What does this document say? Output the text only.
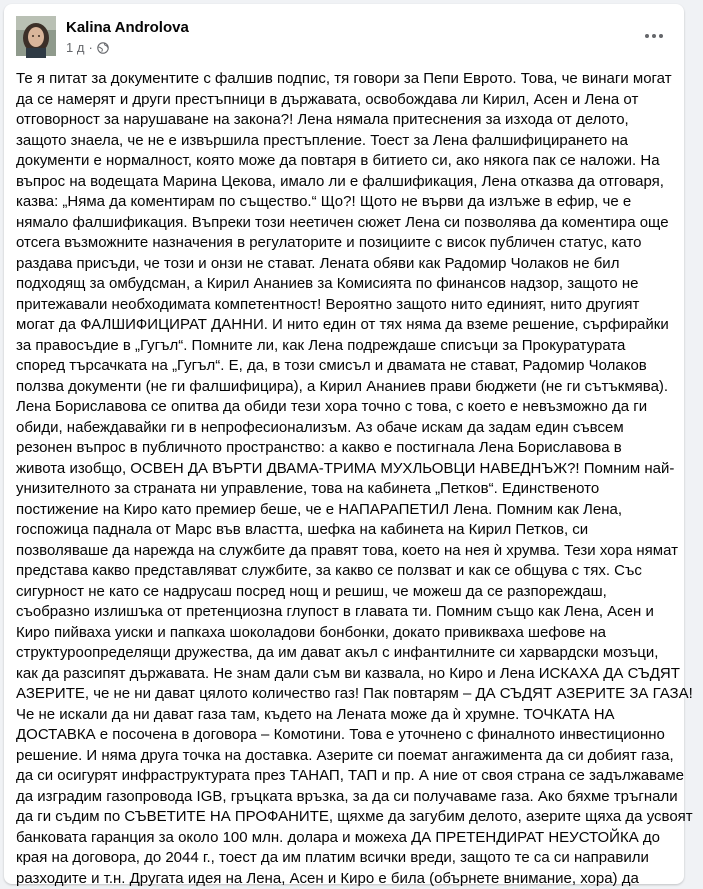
Kalina Androlova
1 д ·
Те я питат за документите с фалшив подпис, тя говори за Пепи Еврото. Това, че винаги могат
да се намерят и други престъпници в държавата, освобождава ли Кирил, Асен и Лена от
отговорност за нарушаване на закона?! Лена нямала притеснения за изхода от делото,
защото знаела, че не е извършила престъпление. Тоест за Лена фалшифицирането на
документи е нормалност, която може да повтаря в битието си, ако някога пак се наложи. На
въпрос на водещата Марина Цекова, имало ли е фалшификация, Лена отказва да отговаря,
казва: „Няма да коментирам по същество.“ Що?! Щото не върви да излъже в ефир, че е
нямало фалшификация. Въпреки този неетичен сюжет Лена си позволява да коментира още
отсега възможните назначения в регулаторите и позициите с висок публичен статус, като
раздава присъди, че този и онзи не стават. Лената обяви как Радомир Чолаков не бил
подходящ за омбудсман, а Кирил Ананиев за Комисията по финансов надзор, защото не
притежавали необходимата компетентност! Вероятно защото нито единият, нито другият
могат да ФАЛШИФИЦИРАТ ДАННИ. И нито един от тях няма да вземе решение, сърфирайки
за правосъдие в „Гугъл“. Помните ли, как Лена подреждаше списъци за Прокуратурата
според търсачката на „Гугъл“. Е, да, в този смисъл и двамата не стават, Радомир Чолаков
ползва документи (не ги фалшифицира), а Кирил Ананиев прави бюджети (не ги сътъкмява).
Лена Бориславова се опитва да обиди тези хора точно с това, с което е невъзможно да ги
обиди, набеждавайки ги в непрофесионализъм. Аз обаче искам да задам един съвсем
резонен въпрос в публичното пространство: а какво е постигнала Лена Бориславова в
живота изобщо, ОСВЕН ДА ВЪРТИ ДВАМА-ТРИМА МУХЛЬОВЦИ НАВЕДНЪЖ?! Помним най-
унизителното за страната ни управление, това на кабинета „Петков“. Единственото
постижение на Киро като премиер беше, че е НАПАРАПЕТИЛ Лена. Помним как Лена,
госпожица паднала от Марс във властта, шефка на кабинета на Кирил Петков, си
позволяваше да нарежда на службите да правят това, което на нея ѝ хрумва. Тези хора нямат
представа какво представляват службите, за какво се ползват и как се общува с тях. Със
сигурност не като се надрусаш посред нощ и решиш, че можеш да се разпореждаш,
съобразно излишъка от претенциозна глупост в главата ти. Помним също как Лена, Асен и
Киро пийваха уиски и папкаха шоколадови бонбонки, докато привикваха шефове на
структуроопределящи дружества, да им дават акъл с инфантилните си харвардски мозъци,
как да разсипят държавата. Не знам дали съм ви казвала, но Киро и Лена ИСКАХА ДА СЪДЯТ
АЗЕРИТЕ, че не ни дават цялото количество газ! Пак повтарям – ДА СЪДЯТ АЗЕРИТЕ ЗА ГАЗА!
Че не искали да ни дават газа там, където на Лената може да ѝ хрумне. ТОЧКАТА НА
ДОСТАВКА е посочена в договора – Комотини. Това е уточнено с финалното инвестиционно
решение. И няма друга точка на доставка. Азерите си поемат ангажимента да си добият газа,
да си осигурят инфраструктурата през ТАНАП, ТАП и пр. А ние от своя страна се задължаваме
да изградим газопровода IGB, гръцката връзка, за да си получаваме газа. Ако бяхме тръгнали
да ги съдим по СЪВЕТИТЕ НА ПРОФАНИТЕ, щяхме да загубим делото, азерите щяха да усвоят
банковата гаранция за около 100 млн. долара и можеха ДА ПРЕТЕНДИРАТ НЕУСТОЙКА до
края на договора, до 2044 г., тоест да им платим всички вреди, защото те са си направили
разходите и т.н. Другата идея на Лена, Асен и Киро е била (обърнете внимание, хора) да
